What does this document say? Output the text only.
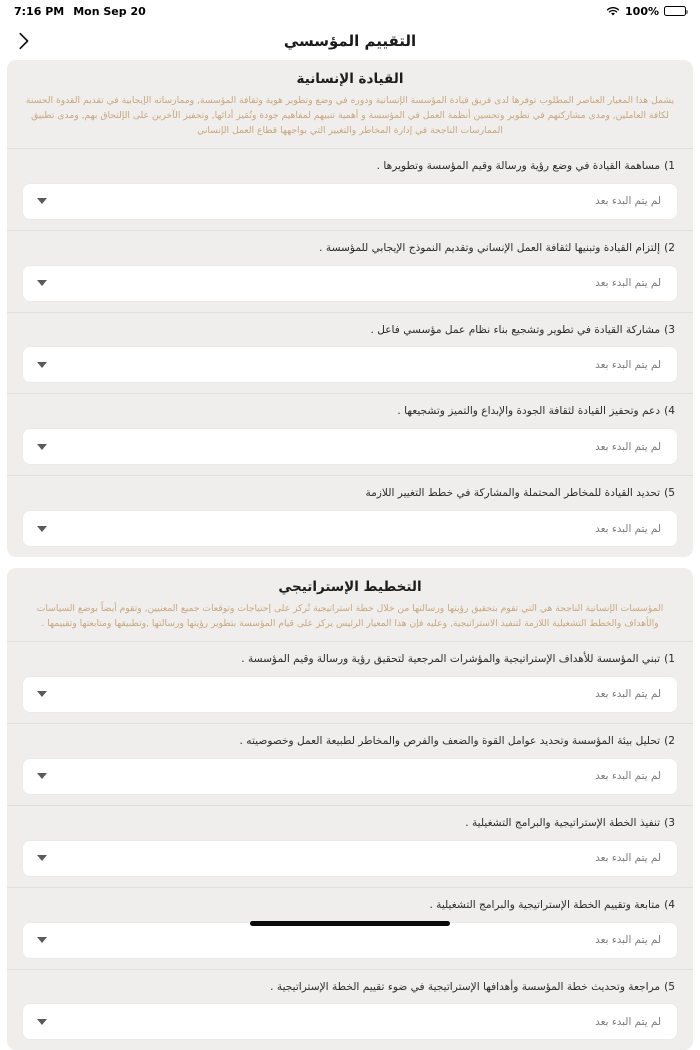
7:16 PM Mon Sep 20	100%
التقييم المؤسسي
القيادة الإنسانية
يشمل هذا المعيار العناصر المطلوب توفرها لدى فريق قيادة المؤسسة الإنسانية ودوره في وضع وتطوير هوية وثقافة المؤسسة, وممارساته الإيجابية في تقديم القدوة الحسنة لكافة العاملين, ومدى مشاركتهم في تطوير وتحسين أنظمة العمل في المؤسسة و أهمية تنبيهم لمفاهيم جودة وتُمَيز أدائها, وتحفيز الآخرين على الإلتحاق بهم, ومدى تطبيق الممارسات الناجحة في إدارة المخاطر والتغيير التي يواجهها قطاع العمل الإنساني
1)مساهمة القيادة في وضع رؤية ورسالة وقيم المؤسسة وتطويرها .
لم يتم البدء بعد
2)إلتزام القيادة وتبنيها لثقافة العمل الإنساني وتقديم النموذج الإيجابي للمؤسسة .
لم يتم البدء بعد
3)مشاركة القيادة في تطوير وتشجيع بناء نظام عمل مؤسسي فاعل .
لم يتم البدء بعد
4)دعم وتحفيز القيادة لثقافة الجودة والإبداع والتميز وتشجيعها .
لم يتم البدء بعد
5)تحديد القيادة للمخاطر المحتملة والمشاركة في خطط التغيير اللازمة
لم يتم البدء بعد
التخطيط الإستراتيجي
المؤسسات الإنسانية الناجحة هي التي تقوم بتحقيق رؤيتها ورسالتها من خلال خطة استراتيجية تُركز على إحتياجات وتوقعات جميع المعنيين, وتقوم أيضاً بوضع السياسات والأهداف والخطط التشغيلية اللازمة لتنفيذ الاستراتيجية, وعليه فإن هذا المعيار الرئيس يركز على قيام المؤسسة بتطوير رؤيتها ورسالتها ,وتطبيقها ومتابعتها وتقييمها .
1)تبني المؤسسة للأهداف الإستراتيجية والمؤشرات المرجعية لتحقيق رؤية ورسالة وقيم المؤسسة .
لم يتم البدء بعد
2)تحليل بيئة المؤسسة وتحديد عوامل القوة والضعف والفرص والمخاطر لطبيعة العمل وخصوصيته .
لم يتم البدء بعد
3)تنفيذ الخطة الإستراتيجية والبرامج التشغيلية .
لم يتم البدء بعد
4)متابعة وتقييم الخطة الإستراتيجية والبرامج التشغيلية .
لم يتم البدء بعد
5)مراجعة وتحديث خطة المؤسسة وأهدافها الإستراتيجية في ضوء تقييم الخطة الإستراتيجية .
لم يتم البدء بعد
